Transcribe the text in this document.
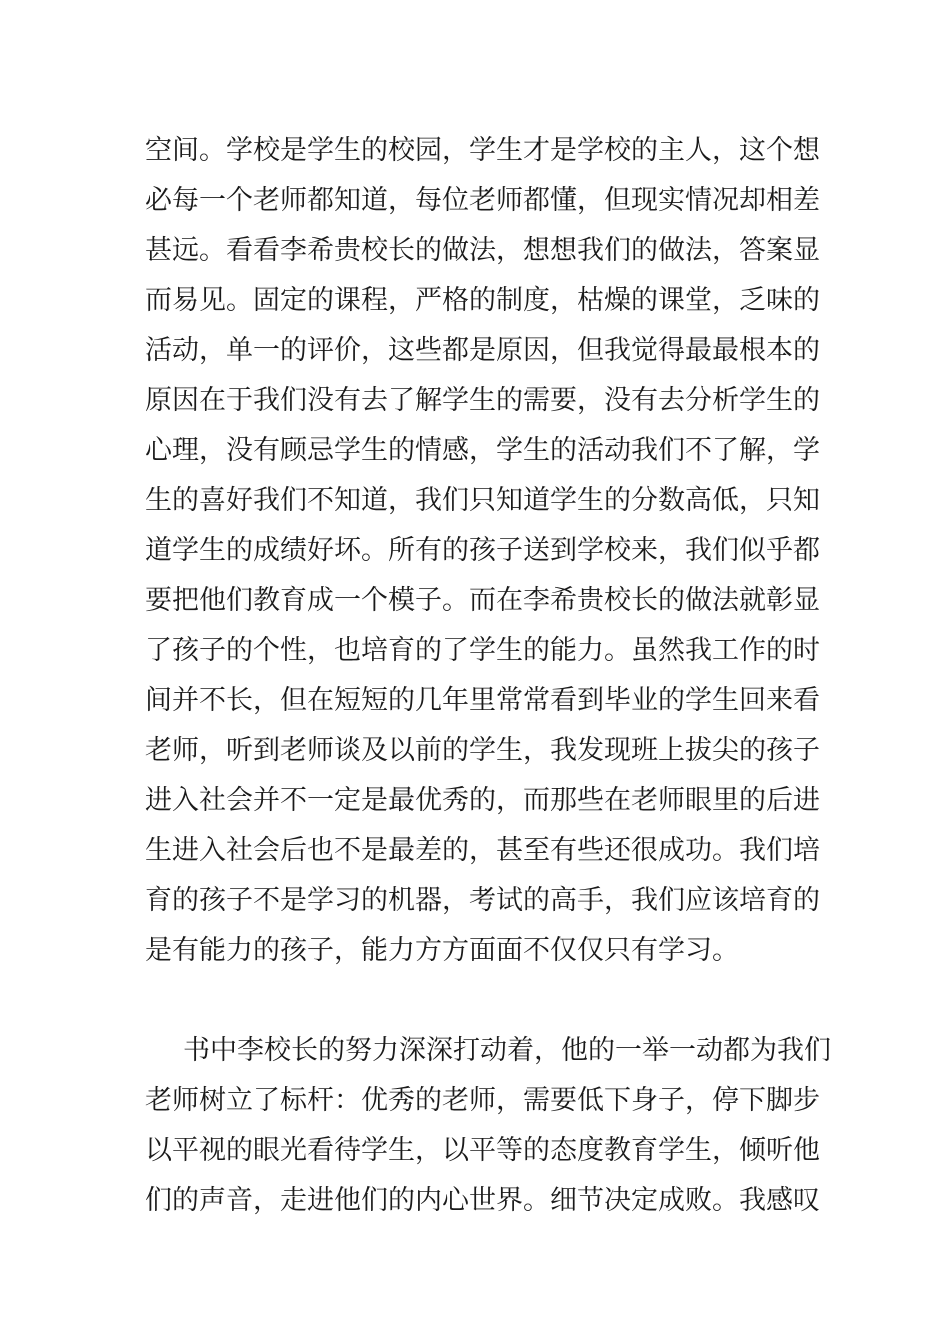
空间。学校是学生的校园，学生才是学校的主人，这个想
必每一个老师都知道，每位老师都懂，但现实情况却相差
甚远。看看李希贵校长的做法，想想我们的做法，答案显
而易见。固定的课程，严格的制度，枯燥的课堂，乏味的
活动，单一的评价，这些都是原因，但我觉得最最根本的
原因在于我们没有去了解学生的需要，没有去分析学生的
心理，没有顾忌学生的情感，学生的活动我们不了解，学
生的喜好我们不知道，我们只知道学生的分数高低，只知
道学生的成绩好坏。所有的孩子送到学校来，我们似乎都
要把他们教育成一个模子。而在李希贵校长的做法就彰显
了孩子的个性，也培育的了学生的能力。虽然我工作的时
间并不长，但在短短的几年里常常看到毕业的学生回来看
老师，听到老师谈及以前的学生，我发现班上拔尖的孩子
进入社会并不一定是最优秀的，而那些在老师眼里的后进
生进入社会后也不是最差的，甚至有些还很成功。我们培
育的孩子不是学习的机器，考试的高手，我们应该培育的
是有能力的孩子，能力方方面面不仅仅只有学习。
书中李校长的努力深深打动着，他的一举一动都为我们
老师树立了标杆：优秀的老师，需要低下身子，停下脚步
以平视的眼光看待学生，以平等的态度教育学生，倾听他
们的声音，走进他们的内心世界。细节决定成败。我感叹
